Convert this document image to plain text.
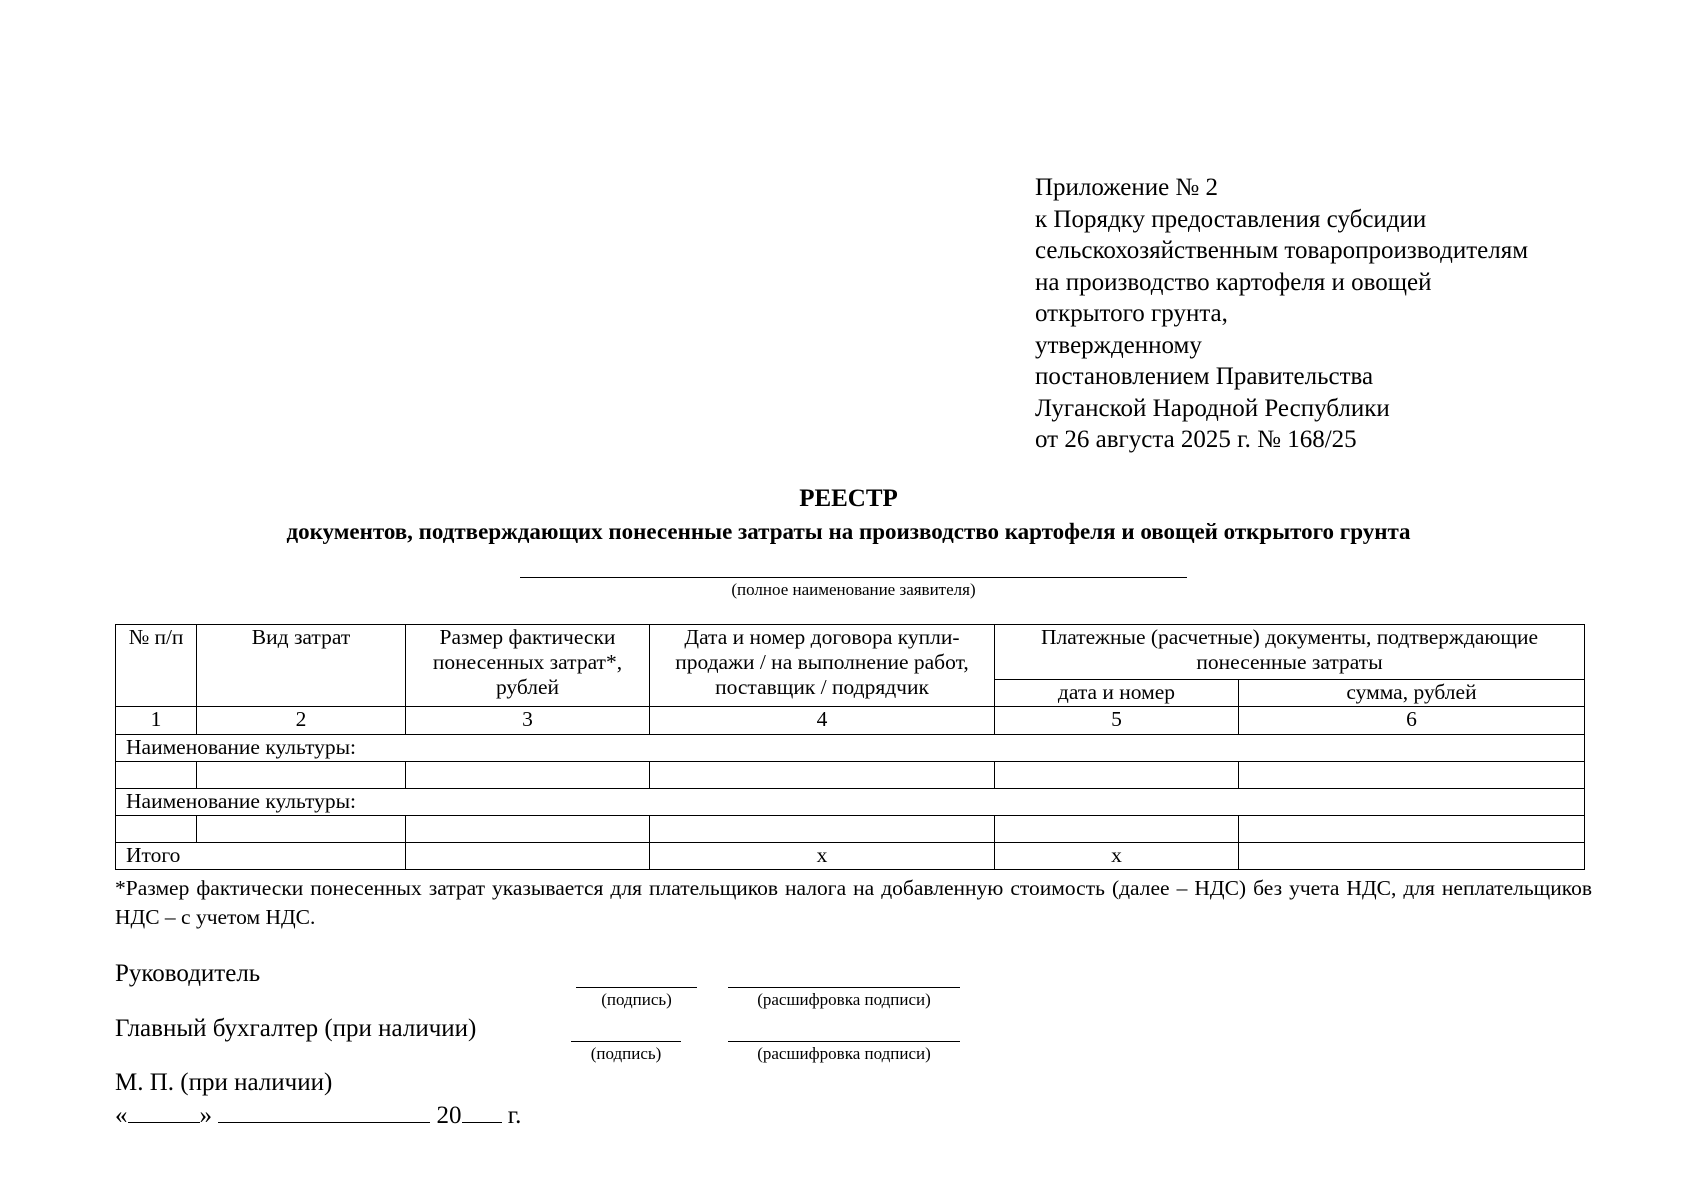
Приложение № 2
к Порядку предоставления субсидии
сельскохозяйственным товаропроизводителям
на производство картофеля и овощей
открытого грунта,
утвержденному
постановлением Правительства
Луганской Народной Республики
от 26 августа 2025 г. № 168/25
РЕЕСТР
документов, подтверждающих понесенные затраты на производство картофеля и овощей открытого грунта
(полное наименование заявителя)
№ п/п	Вид затрат	Размер фактически понесенных затрат*, рублей	Дата и номер договора купли-продажи / на выполнение работ, поставщик / подрядчик	Платежные (расчетные) документы, подтверждающие понесенные затраты	
				дата и номер	сумма, рублей
1	2	3	4	5	6
Наименование культуры:					

Наименование культуры:					

Итого			x	x	
*Размер фактически понесенных затрат указывается для плательщиков налога на добавленную стоимость (далее – НДС) без учета НДС, для неплательщиков НДС – с учетом НДС.
Руководитель
(подпись)	(расшифровка подписи)
Главный бухгалтер (при наличии)
(подпись)	(расшифровка подписи)
М. П. (при наличии)
«	»	20 г.
